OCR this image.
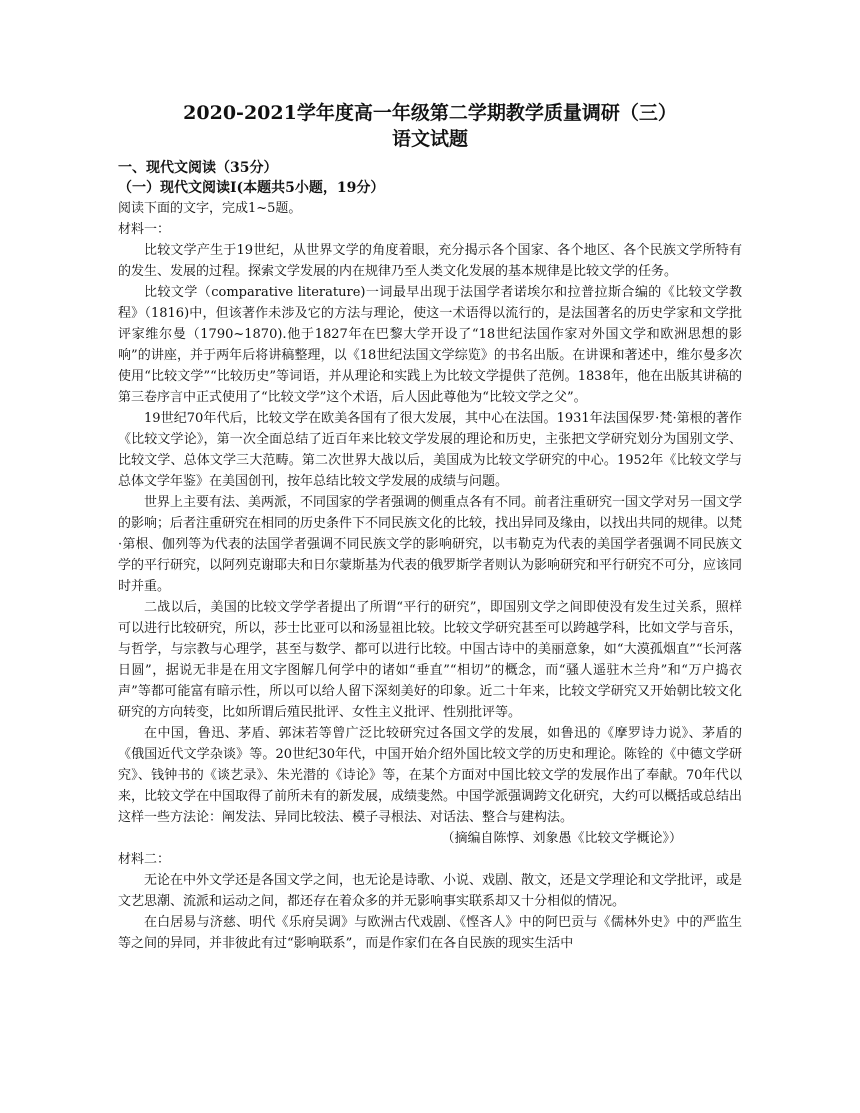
2020-2021学年度高一年级第二学期教学质量调研（三）
语文试题

一、现代文阅读（35分）

（一）现代文阅读I(本题共5小题，19分）

阅读下面的文字，完成1~5题。

材料一：

比较文学产生于19世纪，从世界文学的角度着眼，充分揭示各个国家、各个地区、各个民族文学所特有的发生、发展的过程。探索文学发展的内在规律乃至人类文化发展的基本规律是比较文学的任务。

比较文学（comparative literature)一词最早出现于法国学者诺埃尔和拉普拉斯合编的《比较文学教程》（1816)中，但该著作未涉及它的方法与理论，使这一术语得以流行的，是法国著名的历史学家和文学批评家维尔曼（1790~1870).他于1827年在巴黎大学开设了“18世纪法国作家对外国文学和欧洲思想的影响”的讲座，并于两年后将讲稿整理，以《18世纪法国文学综览》的书名出版。在讲课和著述中，维尔曼多次使用“比较文学”“比较历史”等词语，并从理论和实践上为比较文学提供了范例。1838年，他在出版其讲稿的第三卷序言中正式使用了“比较文学”这个术语，后人因此尊他为“比较文学之父”。

19世纪70年代后，比较文学在欧美各国有了很大发展，其中心在法国。1931年法国保罗·梵·第根的著作《比较文学论》，第一次全面总结了近百年来比较文学发展的理论和历史，主张把文学研究划分为国别文学、比较文学、总体文学三大范畴。第二次世界大战以后，美国成为比较文学研究的中心。1952年《比较文学与总体文学年鉴》在美国创刊，按年总结比较文学发展的成绩与问题。

世界上主要有法、美两派，不同国家的学者强调的侧重点各有不同。前者注重研究一国文学对另一国文学的影响；后者注重研究在相同的历史条件下不同民族文化的比较，找出异同及缘由，以找出共同的规律。以梵·第根、伽列等为代表的法国学者强调不同民族文学的影响研究，以韦勒克为代表的美国学者强调不同民族文学的平行研究，以阿列克谢耶夫和日尔蒙斯基为代表的俄罗斯学者则认为影响研究和平行研究不可分，应该同时并重。

二战以后，美国的比较文学学者提出了所谓“平行的研究”，即国别文学之间即使没有发生过关系，照样可以进行比较研究，所以，莎士比亚可以和汤显祖比较。比较文学研究甚至可以跨越学科，比如文学与音乐，与哲学，与宗教与心理学，甚至与数学、都可以进行比较。中国古诗中的美丽意象，如“大漠孤烟直”“长河落日圆”，据说无非是在用文字图解几何学中的诸如“垂直”“相切”的概念，而“骚人遥驻木兰舟”和“万户捣衣声”等都可能富有暗示性，所以可以给人留下深刻美好的印象。近二十年来，比较文学研究又开始朝比较文化研究的方向转变，比如所谓后殖民批评、女性主义批评、性别批评等。

在中国，鲁迅、茅盾、郭沫若等曾广泛比较研究过各国文学的发展，如鲁迅的《摩罗诗力说》、茅盾的《俄国近代文学杂谈》等。20世纪30年代，中国开始介绍外国比较文学的历史和理论。陈铨的《中德文学研究》、钱钟书的《谈艺录》、朱光潜的《诗论》等，在某个方面对中国比较文学的发展作出了奉献。70年代以来，比较文学在中国取得了前所未有的新发展，成绩斐然。中国学派强调跨文化研究，大约可以概括或总结出这样一些方法论：阐发法、异同比较法、模子寻根法、对话法、整合与建构法。

（摘编自陈惇、刘象愚《比较文学概论》）

材料二：

无论在中外文学还是各国文学之间，也无论是诗歌、小说、戏剧、散文，还是文学理论和文学批评，或是文艺思潮、流派和运动之间，都还存在着众多的并无影响事实联系却又十分相似的情况。

在白居易与济慈、明代《乐府吴调》与欧洲古代戏剧、《悭吝人》中的阿巴贡与《儒林外史》中的严监生等之间的异同，并非彼此有过“影响联系”，而是作家们在各自民族的现实生活中
